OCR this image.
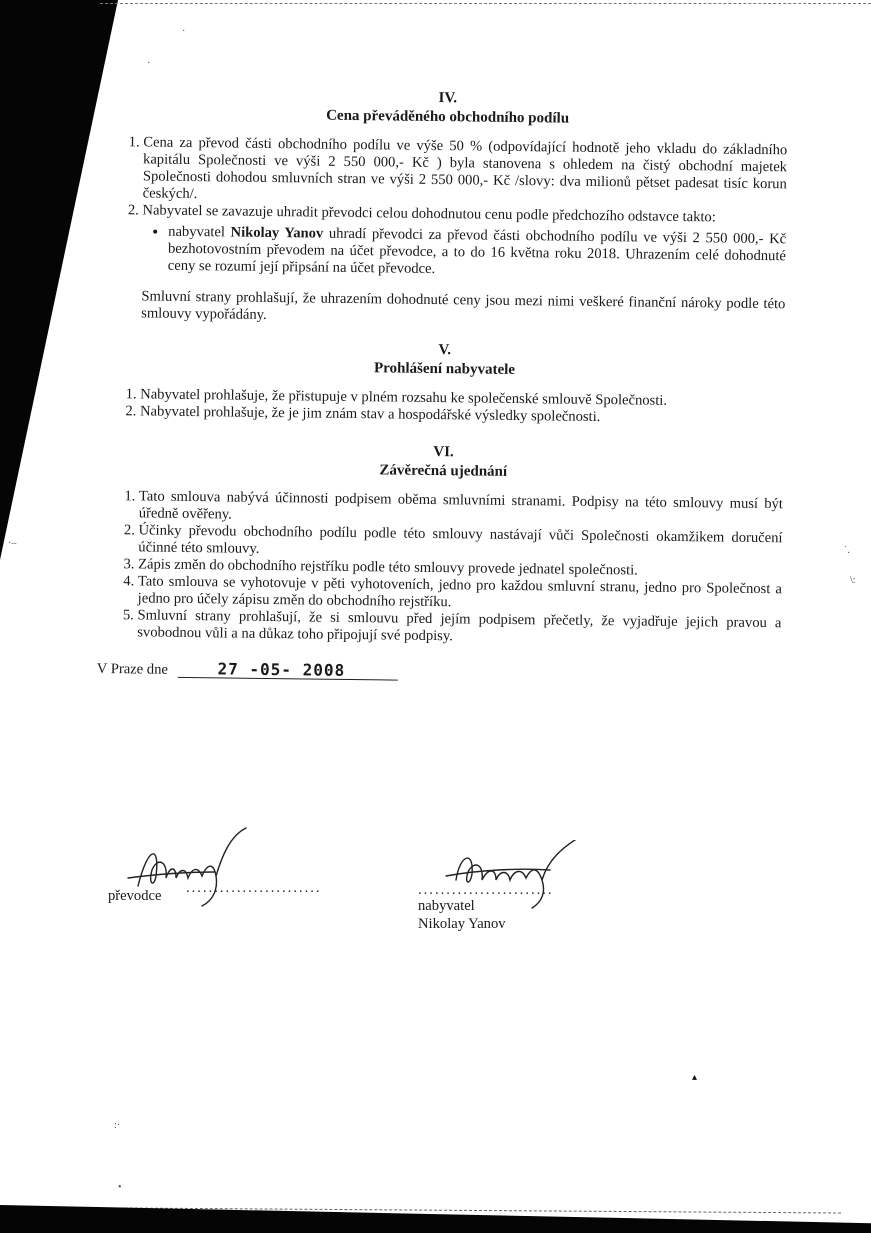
IV.
Cena převáděného obchodního podílu
1. Cena za převod části obchodního podílu ve výše 50 % (odpovídající hodnotě jeho vkladu do základního kapitálu Společnosti ve výši 2 550 000,- Kč ) byla stanovena s ohledem na čistý obchodní majetek Společnosti dohodou smluvních stran ve výši 2 550 000,- Kč /slovy: dva milionů pětset padesat tisíc korun českých/.
2. Nabyvatel se zavazuje uhradit převodci celou dohodnutou cenu podle předchozího odstavce takto:
• nabyvatel Nikolay Yanov uhradí převodci za převod části obchodního podílu ve výši 2 550 000,- Kč bezhotovostním převodem na účet převodce, a to do 16 května roku 2018. Uhrazením celé dohodnuté ceny se rozumí její připsání na účet převodce.
Smluvní strany prohlašují, že uhrazením dohodnuté ceny jsou mezi nimi veškeré finanční nároky podle této smlouvy vypořádány.
V.
Prohlášení nabyvatele
1. Nabyvatel prohlašuje, že přistupuje v plném rozsahu ke společenské smlouvě Společnosti.
2. Nabyvatel prohlašuje, že je jim znám stav a hospodářské výsledky společnosti.
VI.
Závěrečná ujednání
1. Tato smlouva nabývá účinnosti podpisem oběma smluvními stranami. Podpisy na této smlouvy musí být úředně ověřeny.
2. Účinky převodu obchodního podílu podle této smlouvy nastávají vůči Společnosti okamžikem doručení účinné této smlouvy.
3. Zápis změn do obchodního rejstříku podle této smlouvy provede jednatel společnosti.
4. Tato smlouva se vyhotovuje v pěti vyhotoveních, jedno pro každou smluvní stranu, jedno pro Společnost a jedno pro účely zápisu změn do obchodního rejstříku.
5. Smluvní strany prohlašují, že si smlouvu před jejím podpisem přečetly, že vyjadřuje jejich pravou a svobodnou vůli a na důkaz toho připojují své podpisy.
V Praze dne	27 -05- 2008
........................
převodce	........................
nabyvatel
Nikolay Yanov
·
·
·–
˙.
\:
▴
:·
•
